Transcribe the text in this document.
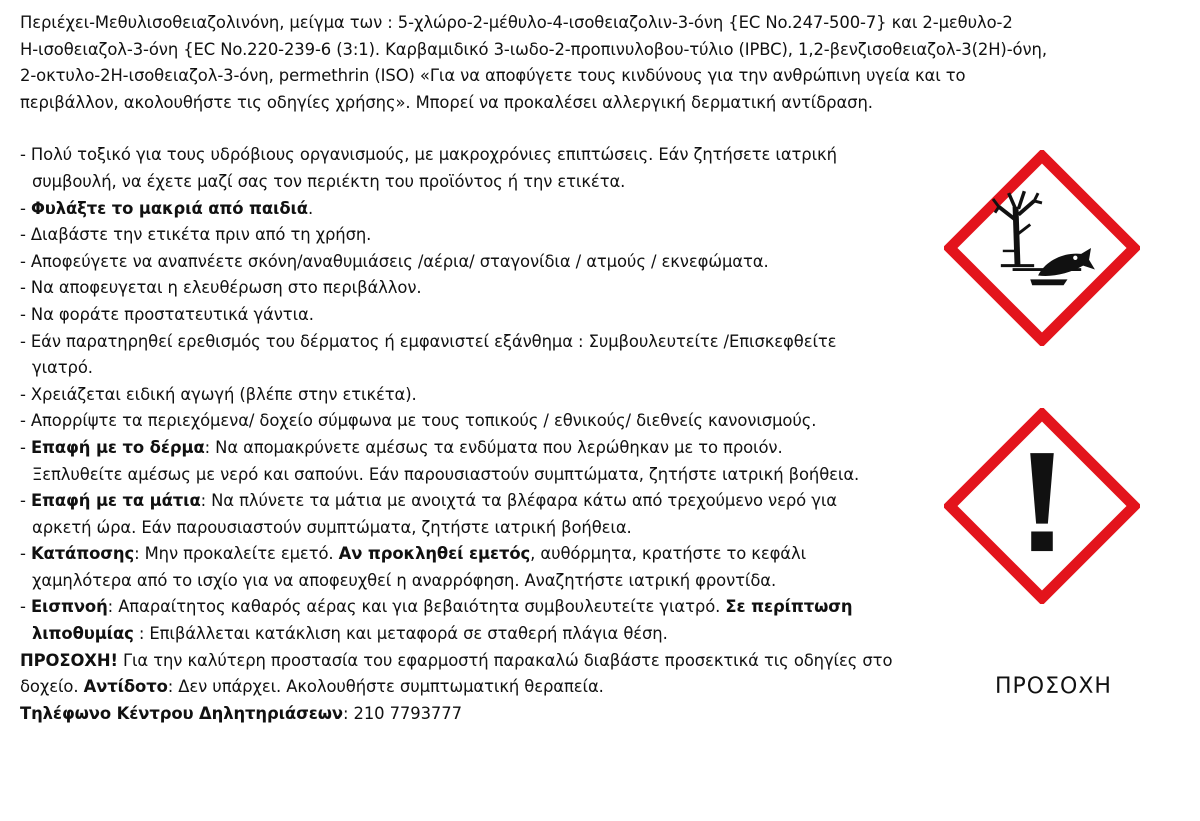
Περιέχει-Μεθυλισοθειαζολινόνη, μείγμα των : 5-χλώρο-2-μέθυλο-4-ισοθειαζολιν-3-όνη {EC No.247-500-7} και 2-μεθυλο-2
H-ισοθειαζολ-3-όνη {EC No.220-239-6 (3:1). Καρβαμιδικό 3-ιωδο-2-προπινυλοβου-τύλιο (IPBC), 1,2-βενζισοθειαζολ-3(2H)-όνη,
2-οκτυλο-2Η-ισοθειαζολ-3-όνη, permethrin (ISO) «Για να αποφύγετε τους κινδύνους για την ανθρώπινη υγεία και το
περιβάλλον, ακολουθήστε τις οδηγίες χρήσης». Μπορεί να προκαλέσει αλλεργική δερματική αντίδραση.

- Πολύ τοξικό για τους υδρόβιους οργανισμούς, με μακροχρόνιες επιπτώσεις. Εάν ζητήσετε ιατρική
συμβουλή, να έχετε μαζί σας τον περιέκτη του προϊόντος ή την ετικέτα.
- Φυλάξτε το μακριά από παιδιά.
- Διαβάστε την ετικέτα πριν από τη χρήση.
- Αποφεύγετε να αναπνέετε σκόνη/αναθυμιάσεις /αέρια/ σταγονίδια / ατμούς / εκνεφώματα.
- Να αποφευγεται η ελευθέρωση στο περιβάλλον.
- Να φοράτε προστατευτικά γάντια.
- Εάν παρατηρηθεί ερεθισμός του δέρματος ή εμφανιστεί εξάνθημα : Συμβουλευτείτε /Επισκεφθείτε
γιατρό.
- Χρειάζεται ειδική αγωγή (βλέπε στην ετικέτα).
- Απορρίψτε τα περιεχόμενα/ δοχείο σύμφωνα με τους τοπικούς / εθνικούς/ διεθνείς κανονισμούς.
- Επαφή με το δέρμα: Να απομακρύνετε αμέσως τα ενδύματα που λερώθηκαν με το προιόν.
Ξεπλυθείτε αμέσως με νερό και σαπούνι. Εάν παρουσιαστούν συμπτώματα, ζητήστε ιατρική βοήθεια.
- Επαφή με τα μάτια: Να πλύνετε τα μάτια με ανοιχτά τα βλέφαρα κάτω από τρεχούμενο νερό για
αρκετή ώρα. Εάν παρουσιαστούν συμπτώματα, ζητήστε ιατρική βοήθεια.
- Κατάποσης: Μην προκαλείτε εμετό. Αν προκληθεί εμετός, αυθόρμητα, κρατήστε το κεφάλι
χαμηλότερα από το ισχίο για να αποφευχθεί η αναρρόφηση. Αναζητήστε ιατρική φροντίδα.
- Εισπνοή: Απαραίτητος καθαρός αέρας και για βεβαιότητα συμβουλευτείτε γιατρό. Σε περίπτωση
λιποθυμίας : Επιβάλλεται κατάκλιση και μεταφορά σε σταθερή πλάγια θέση.

ΠΡΟΣΟΧΗ! Για την καλύτερη προστασία του εφαρμοστή παρακαλώ διαβάστε προσεκτικά τις οδηγίες στο
δοχείο. Αντίδοτο: Δεν υπάρχει. Ακολουθήστε συμπτωματική θεραπεία.
Τηλέφωνο Κέντρου Δηλητηριάσεων: 210 7793777

ΠΡΟΣΟΧΗ
